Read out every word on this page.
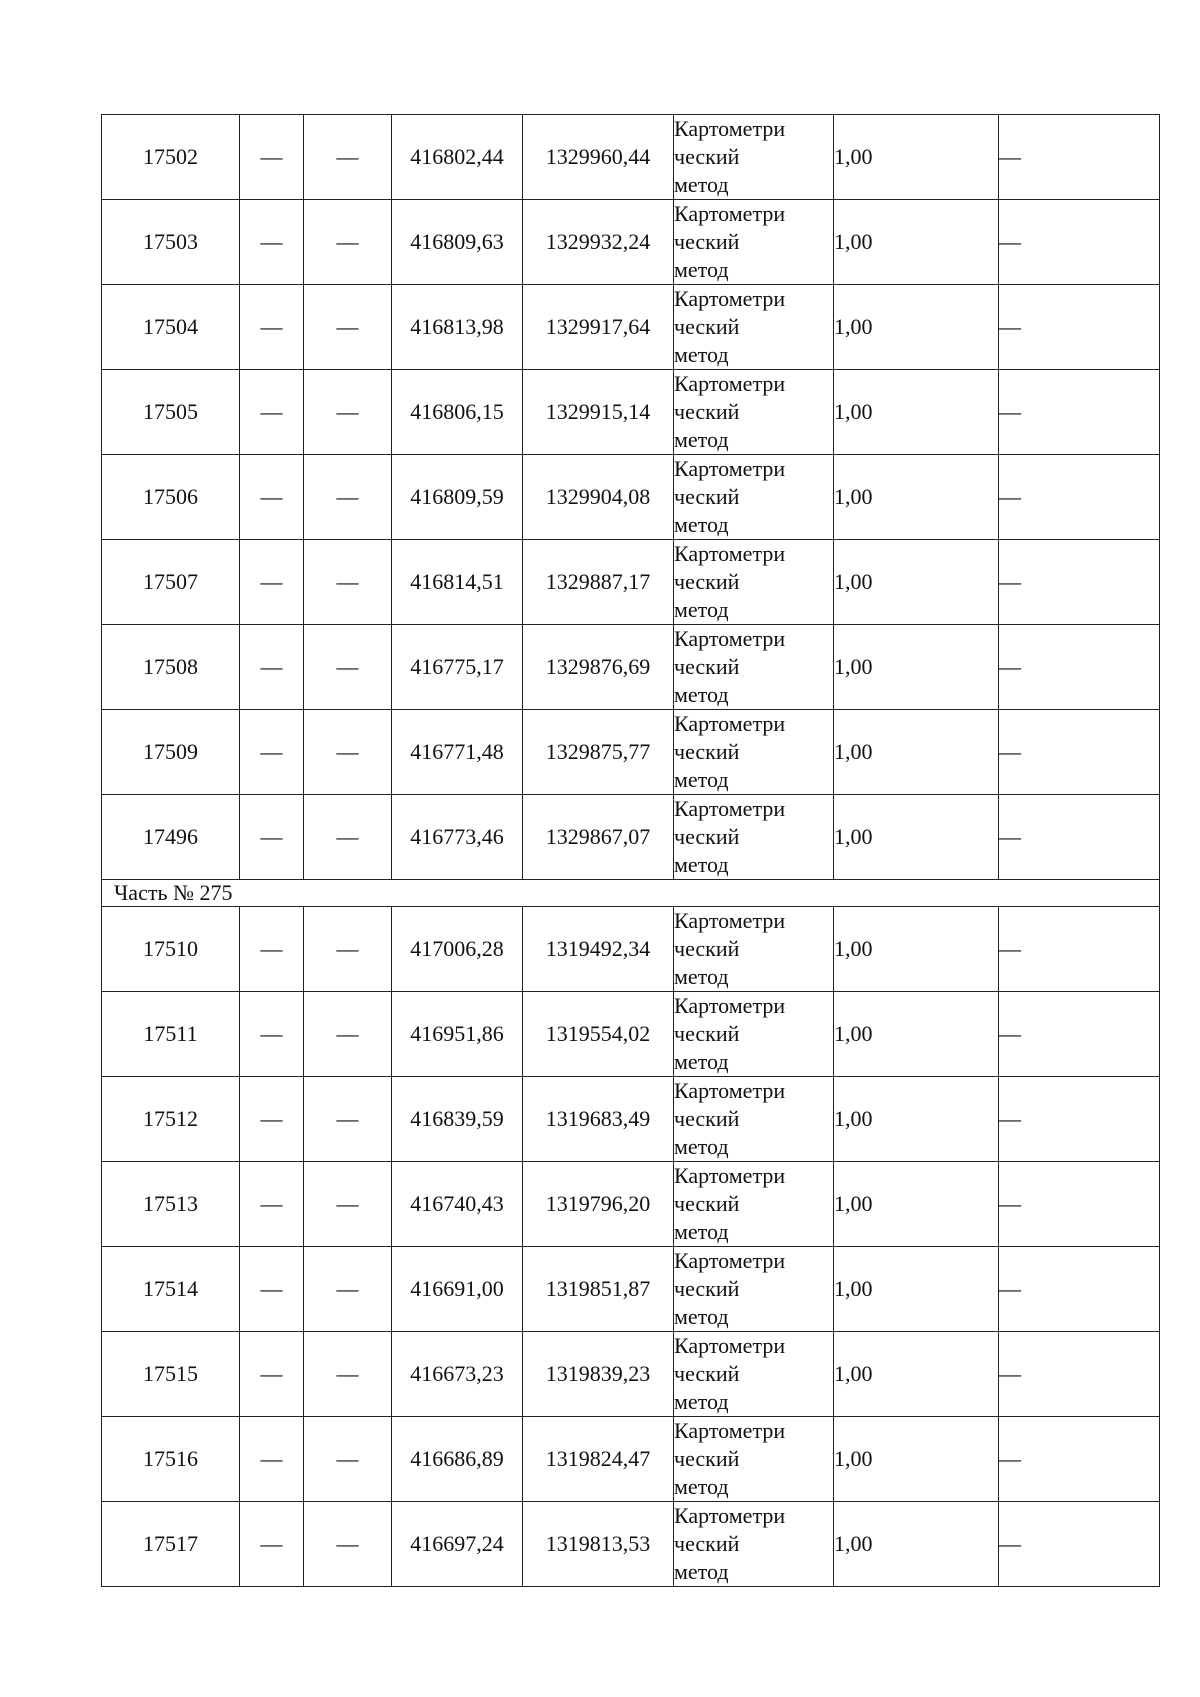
17502	—	—	416802,44	1329960,44	Картометри
ческий
метод	1,00	—
17503	—	—	416809,63	1329932,24	Картометри
ческий
метод	1,00	—
17504	—	—	416813,98	1329917,64	Картометри
ческий
метод	1,00	—
17505	—	—	416806,15	1329915,14	Картометри
ческий
метод	1,00	—
17506	—	—	416809,59	1329904,08	Картометри
ческий
метод	1,00	—
17507	—	—	416814,51	1329887,17	Картометри
ческий
метод	1,00	—
17508	—	—	416775,17	1329876,69	Картометри
ческий
метод	1,00	—
17509	—	—	416771,48	1329875,77	Картометри
ческий
метод	1,00	—
17496	—	—	416773,46	1329867,07	Картометри
ческий
метод	1,00	—
Часть № 275							
17510	—	—	417006,28	1319492,34	Картометри
ческий
метод	1,00	—
17511	—	—	416951,86	1319554,02	Картометри
ческий
метод	1,00	—
17512	—	—	416839,59	1319683,49	Картометри
ческий
метод	1,00	—
17513	—	—	416740,43	1319796,20	Картометри
ческий
метод	1,00	—
17514	—	—	416691,00	1319851,87	Картометри
ческий
метод	1,00	—
17515	—	—	416673,23	1319839,23	Картометри
ческий
метод	1,00	—
17516	—	—	416686,89	1319824,47	Картометри
ческий
метод	1,00	—
17517	—	—	416697,24	1319813,53	Картометри
ческий
метод	1,00	—
